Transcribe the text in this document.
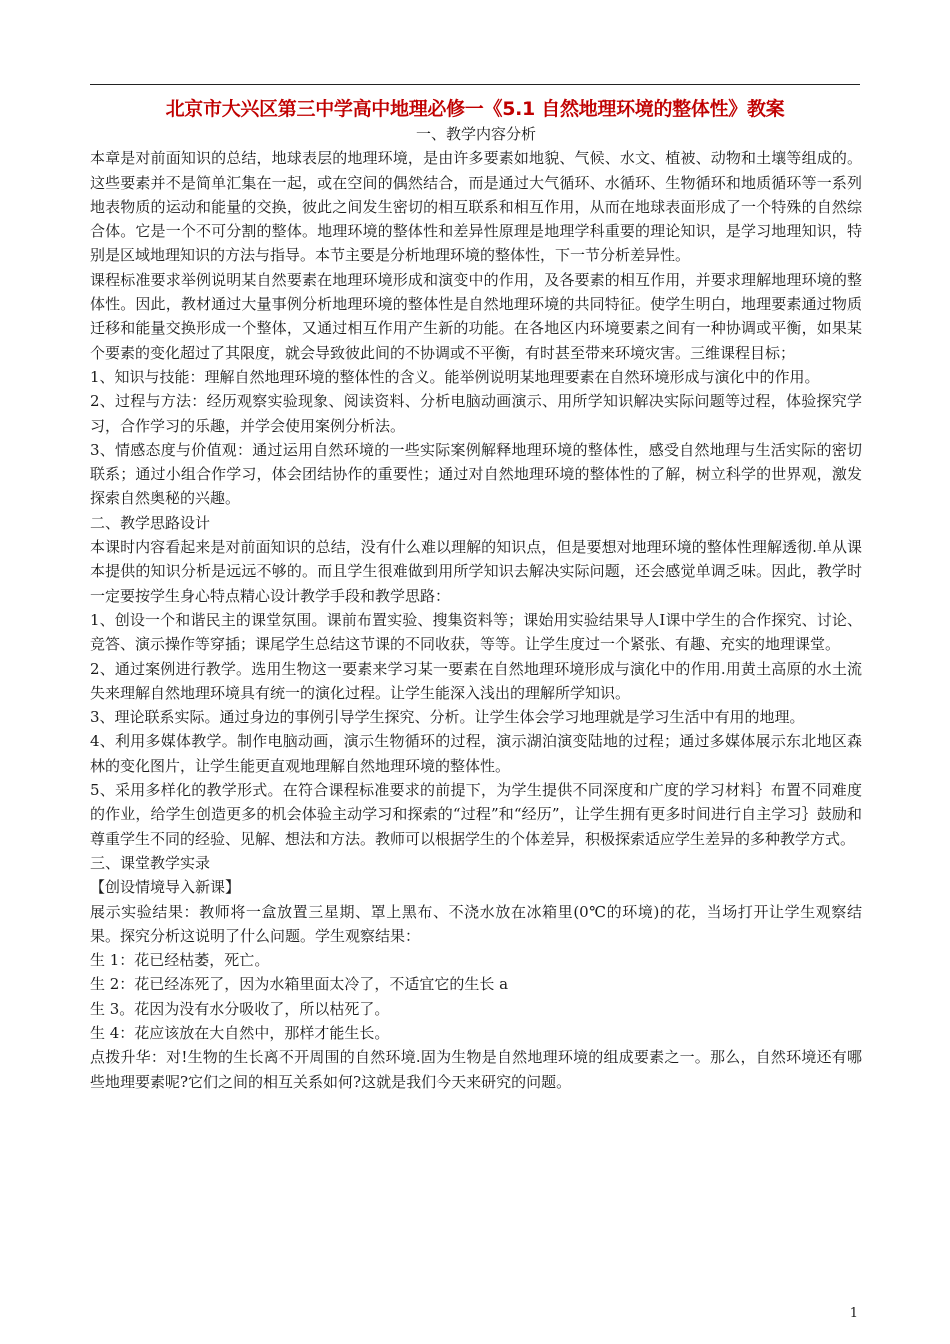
北京市大兴区第三中学高中地理必修一《5.1 自然地理环境的整体性》教案

一、教学内容分析

本章是对前面知识的总结，地球表层的地理环境，是由许多要素如地貌、气候、水文、植被、动物和土壤等组成的。这些要素并不是简单汇集在一起，或在空间的偶然结合，而是通过大气循环、水循环、生物循环和地质循环等一系列地表物质的运动和能量的交换，彼此之间发生密切的相互联系和相互作用，从而在地球表面形成了一个特殊的自然综合体。它是一个不可分割的整体。地理环境的整体性和差异性原理是地理学科重要的理论知识，是学习地理知识，特别是区域地理知识的方法与指导。本节主要是分析地理环境的整体性，下一节分析差异性。

课程标准要求举例说明某自然要素在地理环境形成和演变中的作用，及各要素的相互作用，并要求理解地理环境的整体性。因此，教材通过大量事例分析地理环境的整体性是自然地理环境的共同特征。使学生明白，地理要素通过物质迁移和能量交换形成一个整体，又通过相互作用产生新的功能。在各地区内环境要素之间有一种协调或平衡，如果某个要素的变化超过了其限度，就会导致彼此间的不协调或不平衡，有时甚至带来环境灾害。三维课程目标；

1、知识与技能：理解自然地理环境的整体性的含义。能举例说明某地理要素在自然环境形成与演化中的作用。

2、过程与方法：经历观察实验现象、阅读资料、分析电脑动画演示、用所学知识解决实际问题等过程，体验探究学习，合作学习的乐趣，并学会使用案例分析法。

3、情感态度与价值观：通过运用自然环境的一些实际案例解释地理环境的整体性，感受自然地理与生活实际的密切联系；通过小组合作学习，体会团结协作的重要性；通过对自然地理环境的整体性的了解，树立科学的世界观，激发探索自然奥秘的兴趣。

二、教学思路设计

本课时内容看起来是对前面知识的总结，没有什么难以理解的知识点，但是要想对地理环境的整体性理解透彻.单从课本提供的知识分析是远远不够的。而且学生很难做到用所学知识去解决实际问题，还会感觉单调乏味。因此，教学时一定要按学生身心特点精心设计教学手段和教学思路：

1、创设一个和谐民主的课堂氛围。课前布置实验、搜集资料等；课始用实验结果导人Ⅰ课中学生的合作探究、讨论、竞答、演示操作等穿插；课尾学生总结这节课的不同收获，等等。让学生度过一个紧张、有趣、充实的地理课堂。

2、通过案例进行教学。选用生物这一要素来学习某一要素在自然地理环境形成与演化中的作用.用黄土高原的水土流失来理解自然地理环境具有统一的演化过程。让学生能深入浅出的理解所学知识。

3、理论联系实际。通过身边的事例引导学生探究、分析。让学生体会学习地理就是学习生活中有用的地理。

4、利用多媒体教学。制作电脑动画，演示生物循环的过程，演示湖泊演变陆地的过程；通过多媒体展示东北地区森林的变化图片，让学生能更直观地理解自然地理环境的整体性。

5、采用多样化的教学形式。在符合课程标准要求的前提下，为学生提供不同深度和广度的学习材料｝布置不同难度的作业，给学生创造更多的机会体验主动学习和探索的“过程”和“经历”，让学生拥有更多时间进行自主学习｝鼓励和尊重学生不同的经验、见解、想法和方法。教师可以根据学生的个体差异，积极探索适应学生差异的多种教学方式。

三、课堂教学实录

【创设情境导入新课】

展示实验结果：教师将一盒放置三星期、罩上黑布、不浇水放在冰箱里(0℃的环境)的花，当场打开让学生观察结果。探究分析这说明了什么问题。学生观察结果：

生 1：花已经枯萎，死亡。

生 2：花已经冻死了，因为水箱里面太冷了，不适宜它的生长 a

生 3。花因为没有水分吸收了，所以枯死了。

生 4：花应该放在大自然中，那样才能生长。

点拨升华：对!生物的生长离不开周围的自然环境.固为生物是自然地理环境的组成要素之一。那么，自然环境还有哪些地理要素呢?它们之间的相互关系如何?这就是我们今天来研究的问题。

1
